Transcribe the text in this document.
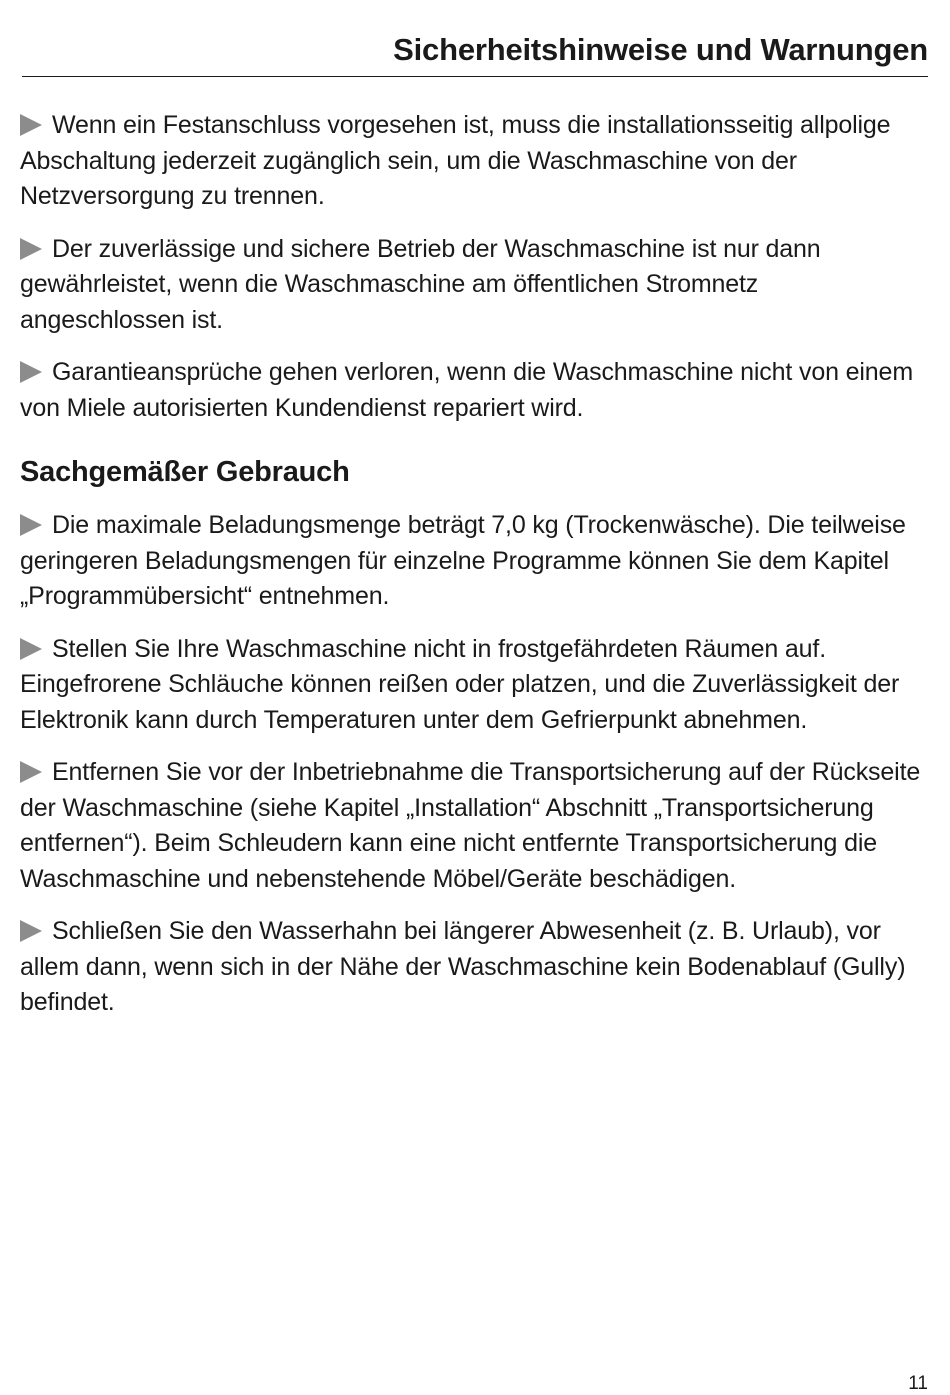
Sicherheitshinweise und Warnungen

Wenn ein Festanschluss vorgesehen ist, muss die installationsseitig allpolige Abschaltung jederzeit zugänglich sein, um die Waschmaschine von der Netzversorgung zu trennen.

Der zuverlässige und sichere Betrieb der Waschmaschine ist nur dann gewährleistet, wenn die Waschmaschine am öffentlichen Stromnetz angeschlossen ist.

Garantieansprüche gehen verloren, wenn die Waschmaschine nicht von einem von Miele autorisierten Kundendienst repariert wird.

Sachgemäßer Gebrauch

Die maximale Beladungsmenge beträgt 7,0 kg (Trockenwäsche). Die teilweise geringeren Beladungsmengen für einzelne Programme können Sie dem Kapitel „Programmübersicht“ entnehmen.

Stellen Sie Ihre Waschmaschine nicht in frostgefährdeten Räumen auf. Eingefrorene Schläuche können reißen oder platzen, und die Zuverlässigkeit der Elektronik kann durch Temperaturen unter dem Gefrierpunkt abnehmen.

Entfernen Sie vor der Inbetriebnahme die Transportsicherung auf der Rückseite der Waschmaschine (siehe Kapitel „Installation“ Abschnitt „Transportsicherung entfernen“). Beim Schleudern kann eine nicht entfernte Transportsicherung die Waschmaschine und nebenstehende Möbel/Geräte beschädigen.

Schließen Sie den Wasserhahn bei längerer Abwesenheit (z. B. Urlaub), vor allem dann, wenn sich in der Nähe der Waschmaschine kein Bodenablauf (Gully) befindet.

11
